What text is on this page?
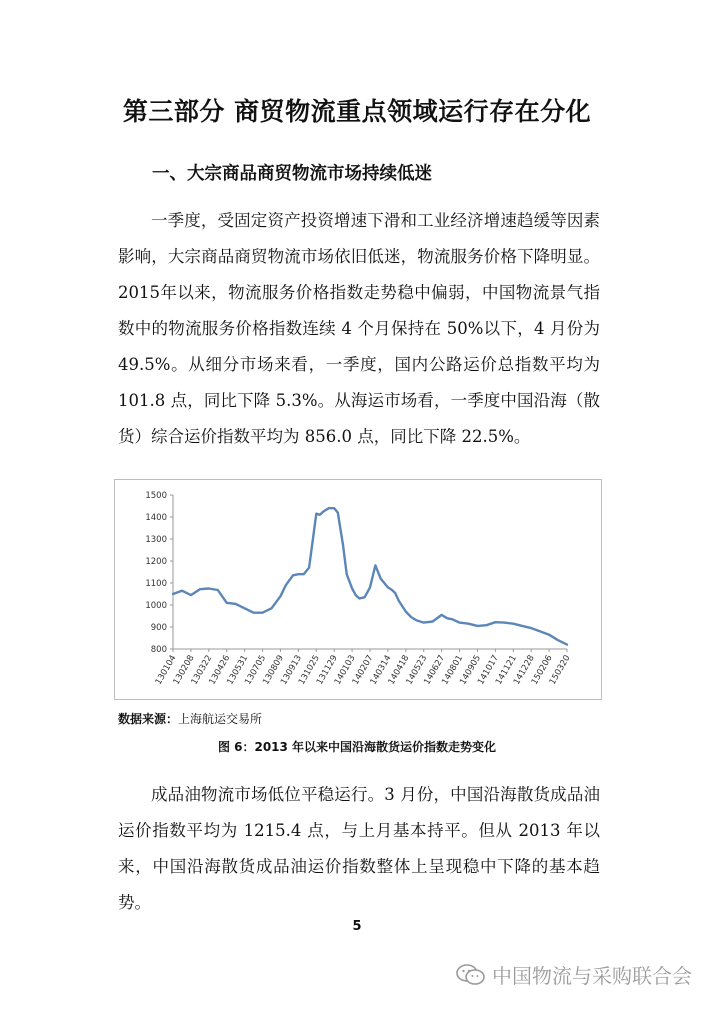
第三部分 商贸物流重点领域运行存在分化
一、大宗商品商贸物流市场持续低迷

一季度，受固定资产投资增速下滑和工业经济增速趋缓等因素影响，大宗商品商贸物流市场依旧低迷，物流服务价格下降明显。2015年以来，物流服务价格指数走势稳中偏弱，中国物流景气指数中的物流服务价格指数连续 4 个月保持在 50%以下，4 月份为 49.5%。从细分市场来看，一季度，国内公路运价总指数平均为 101.8 点，同比下降 5.3%。从海运市场看，一季度中国沿海（散货）综合运价指数平均为 856.0 点，同比下降 22.5%。

800
900
1000
1100
1200
1300
1400
1500
130104
130208
130322
130426
130531
130705
130809
130913
131025
131129
140103
140207
140314
140418
140523
140627
140801
140905
141017
141121
141228
150206
150320
数据来源：上海航运交易所
图 6：2013 年以来中国沿海散货运价指数走势变化

成品油物流市场低位平稳运行。3 月份，中国沿海散货成品油运价指数平均为 1215.4 点，与上月基本持平。但从 2013 年以来，中国沿海散货成品油运价指数整体上呈现稳中下降的基本趋势。

5
中国物流与采购联合会
